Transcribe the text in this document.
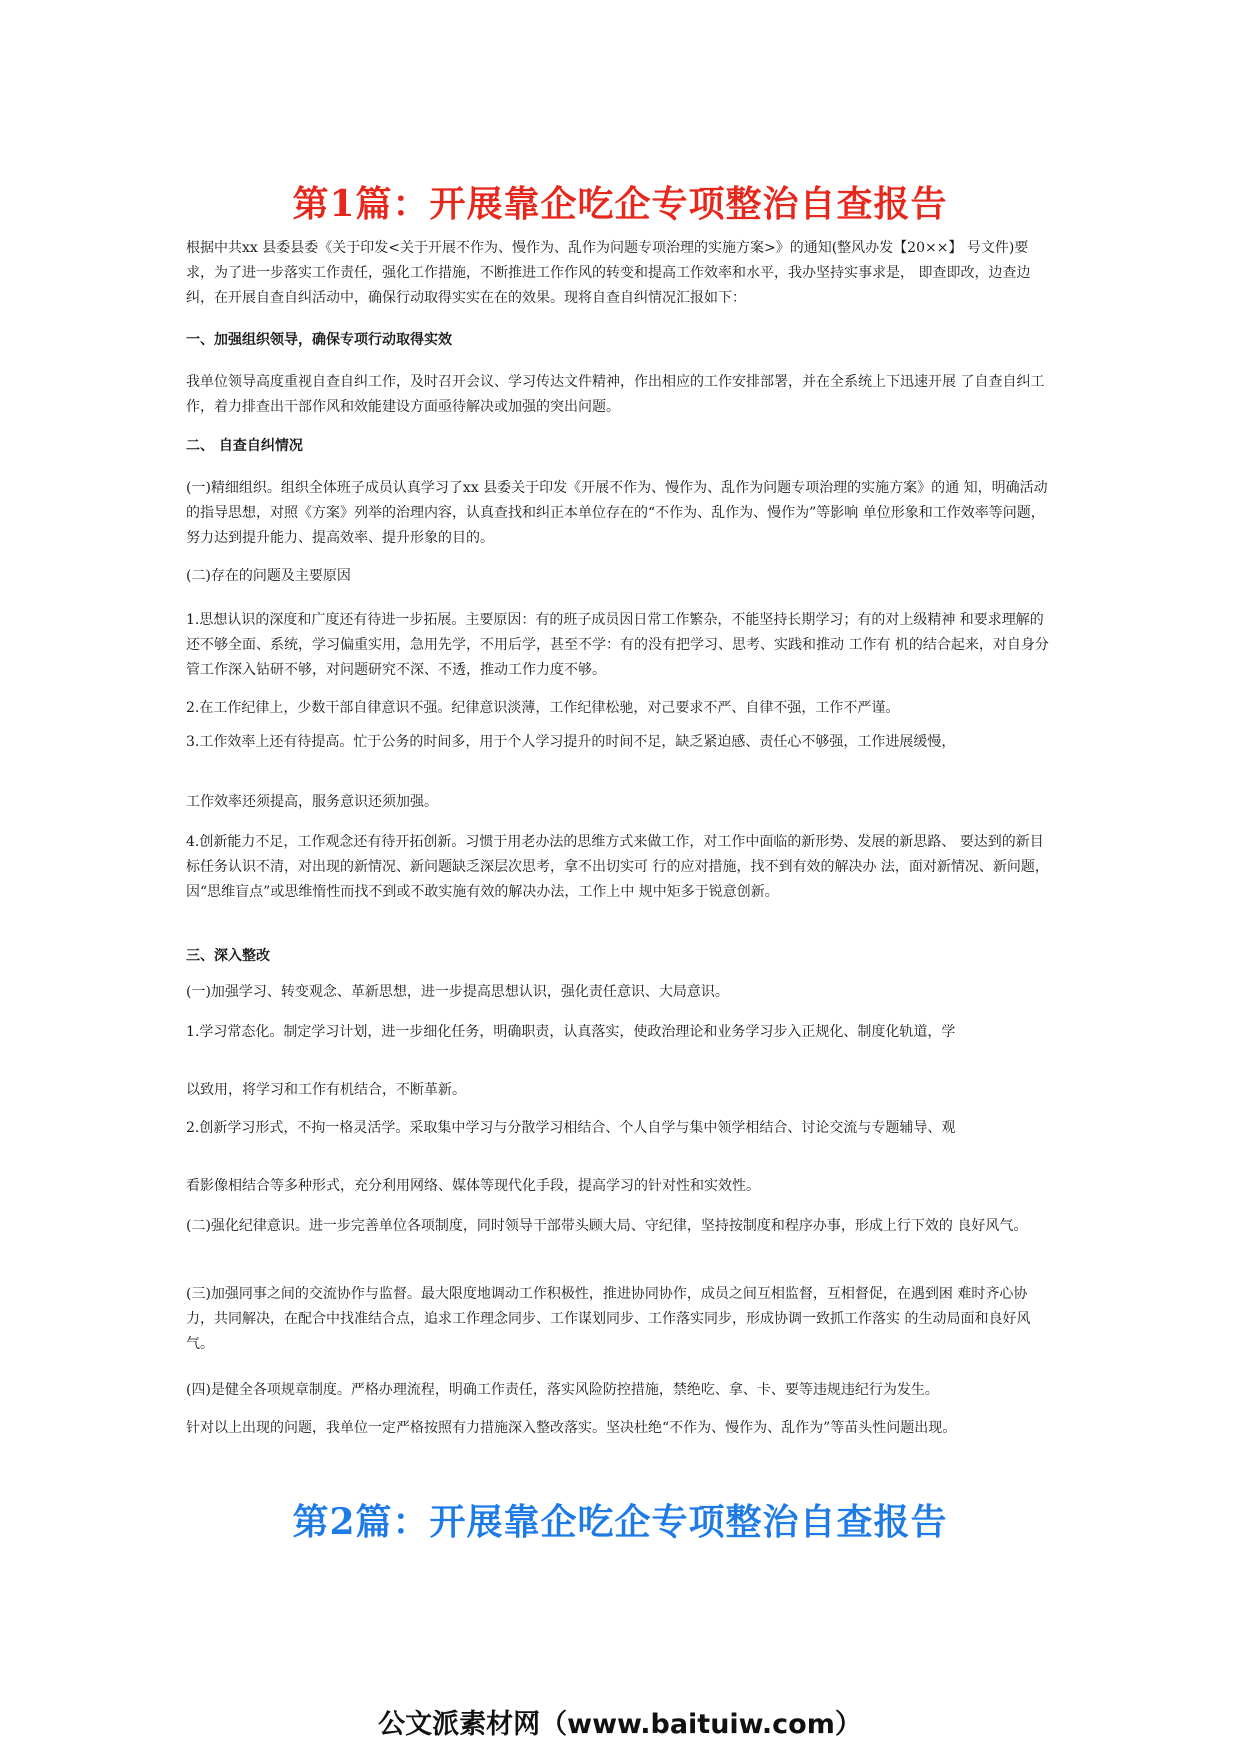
第1篇：开展靠企吃企专项整治自查报告

根据中共xx 县委县委《关于印发<关于开展不作为、慢作为、乱作为问题专项治理的实施方案>》的通知(整风办发【20××】 号文件)要求，为了进一步落实工作责任，强化工作措施，不断推进工作作风的转变和提高工作效率和水平，我办坚持实事求是， 即查即改，边查边纠，在开展自查自纠活动中，确保行动取得实实在在的效果。现将自查自纠情况汇报如下：

一、加强组织领导，确保专项行动取得实效

我单位领导高度重视自查自纠工作，及时召开会议、学习传达文件精神，作出相应的工作安排部署，并在全系统上下迅速开展 了自查自纠工作，着力排查出干部作风和效能建设方面亟待解决或加强的突出问题。

二、 自查自纠情况

(一)精细组织。组织全体班子成员认真学习了xx 县委关于印发《开展不作为、慢作为、乱作为问题专项治理的实施方案》的通 知，明确活动的指导思想，对照《方案》列举的治理内容，认真查找和纠正本单位存在的“不作为、乱作为、慢作为”等影响 单位形象和工作效率等问题，努力达到提升能力、提高效率、提升形象的目的。

(二)存在的问题及主要原因

1.思想认识的深度和广度还有待进一步拓展。主要原因：有的班子成员因日常工作繁杂，不能坚持长期学习；有的对上级精神 和要求理解的还不够全面、系统，学习偏重实用，急用先学，不用后学，甚至不学：有的没有把学习、思考、实践和推动 工作有 机的结合起来，对自身分管工作深入钻研不够，对问题研究不深、不透，推动工作力度不够。

2.在工作纪律上，少数干部自律意识不强。纪律意识淡薄，工作纪律松驰，对己要求不严、自律不强，工作不严谨。

3.工作效率上还有待提高。忙于公务的时间多，用于个人学习提升的时间不足，缺乏紧迫感、责任心不够强，工作进展缓慢，

工作效率还须提高，服务意识还须加强。

4.创新能力不足，工作观念还有待开拓创新。习惯于用老办法的思维方式来做工作，对工作中面临的新形势、发展的新思路、 要达到的新目标任务认识不清，对出现的新情况、新问题缺乏深层次思考，拿不出切实可 行的应对措施，找不到有效的解决办 法，面对新情况、新问题，因“思维盲点”或思维惰性而找不到或不敢实施有效的解决办法，工作上中 规中矩多于锐意创新。

三、深入整改

(一)加强学习、转变观念、革新思想，进一步提高思想认识，强化责任意识、大局意识。

1.学习常态化。制定学习计划，进一步细化任务，明确职责，认真落实，使政治理论和业务学习步入正规化、制度化轨道，学

以致用，将学习和工作有机结合，不断革新。

2.创新学习形式，不拘一格灵活学。采取集中学习与分散学习相结合、个人自学与集中领学相结合、讨论交流与专题辅导、观

看影像相结合等多种形式，充分利用网络、媒体等现代化手段，提高学习的针对性和实效性。

(二)强化纪律意识。进一步完善单位各项制度，同时领导干部带头顾大局、守纪律，坚持按制度和程序办事，形成上行下效的 良好风气。

(三)加强同事之间的交流协作与监督。最大限度地调动工作积极性，推进协同协作，成员之间互相监督，互相督促，在遇到困 难时齐心协力，共同解决，在配合中找准结合点，追求工作理念同步、工作谋划同步、工作落实同步，形成协调一致抓工作落实 的生动局面和良好风气。

(四)是健全各项规章制度。严格办理流程，明确工作责任，落实风险防控措施，禁绝吃、拿、卡、要等违规违纪行为发生。

针对以上出现的问题，我单位一定严格按照有力措施深入整改落实。坚决杜绝“不作为、慢作为、乱作为”等苗头性问题出现。

第2篇：开展靠企吃企专项整治自查报告
公文派素材网（www.baituiw.com）
